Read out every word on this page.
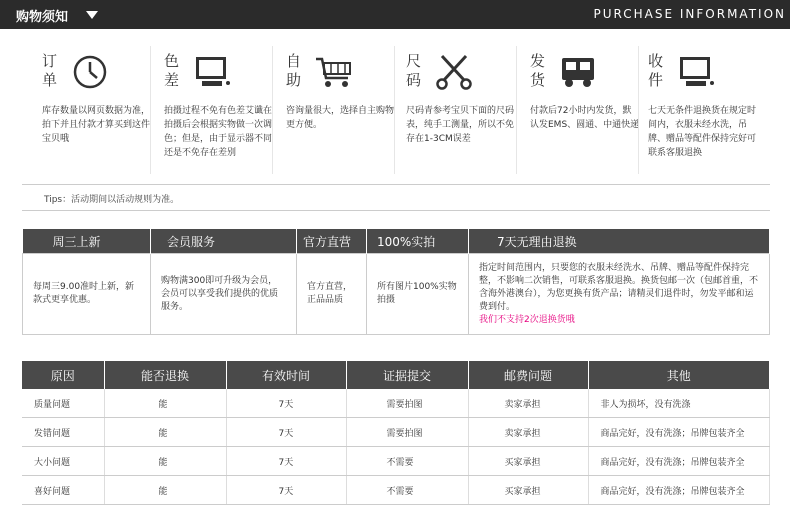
购物须知	PURCHASE INFORMATION
订单
库存数量以网页数据为准，拍下并且付款才算买到这件宝贝哦
色差
拍摄过程不免有色差艾谶在拍摄后会根据实物做一次调色；但是，由于显示器不同还是不免存在差别
自助
咨询量很大，选择自主购物更方便。
尺码
尺码青参考宝贝下面的尺码表，纯手工测量，所以不免存在1-3CM误差
发货
付款后72小时内发货，默认发EMS、圆通、中通快递
收件
七天无条件退换货在规定时间内，衣服未经水洗，吊牌、赠品等配件保持完好可联系客服退换
Tips：活动期间以活动规则为准。
周三上新	会员服务	官方直营	100%实拍	7天无理由退换
每周三9.00准时上新，新款式更享优惠。	购物满300即可升级为会员，会员可以享受我们提供的优质服务。	官方直营，正品品质	所有图片100%实物拍摄	指定时间范围内，只要您的衣服未经洗水、吊牌、赠品等配件保持完整，不影响二次销售，可联系客服退换。换货包邮一次（包邮首重，不含海外港澳台），为您更换有货产品；请精灵们退件时，勿发平邮和运费到付。
我们不支持2次退换货哦
原因	能否退换	有效时间	证据提交	邮费问题	其他
质量问题	能	7天	需要拍图	卖家承担	非人为损坏，没有洗涤
发错问题	能	7天	需要拍图	卖家承担	商品完好，没有洗涤；吊牌包装齐全
大小问题	能	7天	不需要	买家承担	商品完好，没有洗涤；吊牌包装齐全
喜好问题	能	7天	不需要	买家承担	商品完好，没有洗涤；吊牌包装齐全
